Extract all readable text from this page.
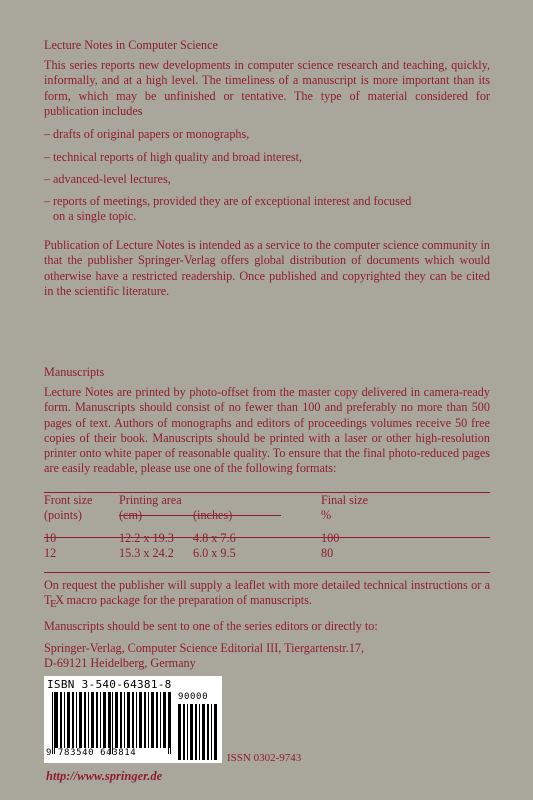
Lecture Notes in Computer Science
This series reports new developments in computer science research and teaching, quickly, informally, and at a high level. The timeliness of a manuscript is more important than its form, which may be unfinished or tentative. The type of material considered for publication includes
– drafts of original papers or monographs,
– technical reports of high quality and broad interest,
– advanced-level lectures,
– reports of meetings, provided they are of exceptional interest and focused
on a single topic.
Publication of Lecture Notes is intended as a service to the computer science community in that the publisher Springer-Verlag offers global distribution of documents which would otherwise have a restricted readership. Once published and copyrighted they can be cited in the scientific literature.
Manuscripts
Lecture Notes are printed by photo-offset from the master copy delivered in camera-ready form. Manuscripts should consist of no fewer than 100 and preferably no more than 500 pages of text. Authors of monographs and editors of proceedings volumes receive 50 free copies of their book. Manuscripts should be printed with a laser or other high-resolution printer onto white paper of reasonable quality. To ensure that the final photo-reduced pages are easily readable, please use one of the following formats:
Front size	Printing area		Final size
(points)	(cm)	(inches)	%

10	12.2 x 19.3	4.8 x 7.6	100
12	15.3 x 24.2	6.0 x 9.5	80
On request the publisher will supply a leaflet with more detailed technical instructions or a TEX macro package for the preparation of manuscripts.
Manuscripts should be sent to one of the series editors or directly to:
Springer-Verlag, Computer Science Editorial III, Tiergartenstr.17,
D-69121 Heidelberg, Germany
ISBN 3-540-64381-8
90000
9 783540 643814	ISSN 0302-9743
http://www.springer.de
